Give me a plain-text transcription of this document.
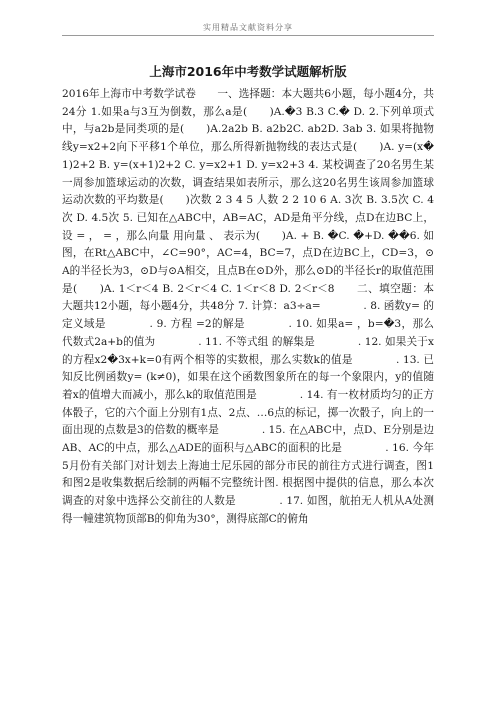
实用精品文献资料分享
上海市2016年中考数学试题解析版
2016年上海市中考数学试卷　　一、选择题：本大题共6小题，每小题4分，共24分 1.如果a与3互为倒数，那么a是(　　)A.�3 B.3 C.� D. 2.下列单项式中，与a2b是同类项的是(　　)A.2a2b B. a2b2C. ab2D. 3ab 3. 如果将抛物线y=x2+2向下平移1个单位，那么所得新抛物线的表达式是(　　)A. y=(x�1)2+2 B. y=(x+1)2+2 C. y=x2+1 D. y=x2+3 4. 某校调查了20名男生某一周参加篮球运动的次数，调查结果如表所示，那么这20名男生该周参加篮球运动次数的平均数是(　　)次数 2 3 4 5 人数 2 2 10 6 A. 3次 B. 3.5次 C. 4次 D. 4.5次 5. 已知在△ABC中，AB=AC，AD是角平分线，点D在边BC上，设 = ， = ，那么向量 用向量 、 表示为(　　)A. + B. �C. �+D. ��6. 如图，在Rt△ABC中，∠C=90°，AC=4，BC=7，点D在边BC上，CD=3，⊙A的半径长为3，⊙D与⊙A相交，且点B在⊙D外，那么⊙D的半径长r的取值范围是(　　)A. 1＜r＜4 B. 2＜r＜4 C. 1＜r＜8 D. 2＜r＜8　　二、填空题：本大题共12小题，每小题4分，共48分 7. 计算：a3÷a=　　　　. 8. 函数y= 的定义域是　　　　. 9. 方程 =2的解是　　　　. 10. 如果a= ，b=�3，那么代数式2a+b的值为　　　　. 11. 不等式组 的解集是　　　　. 12. 如果关于x的方程x2�3x+k=0有两个相等的实数根，那么实数k的值是　　　　. 13. 已知反比例函数y= (k≠0)，如果在这个函数图象所在的每一个象限内，y的值随着x的值增大而减小，那么k的取值范围是　　　　. 14. 有一枚材质均匀的正方体骰子，它的六个面上分别有1点、2点、…6点的标记，掷一次骰子，向上的一面出现的点数是3的倍数的概率是　　　　. 15. 在△ABC中，点D、E分别是边AB、AC的中点，那么△ADE的面积与△ABC的面积的比是　　　　. 16. 今年5月份有关部门对计划去上海迪士尼乐园的部分市民的前往方式进行调查，图1和图2是收集数据后绘制的两幅不完整统计图. 根据图中提供的信息，那么本次调查的对象中选择公交前往的人数是　　　　. 17. 如图，航拍无人机从A处测得一幢建筑物顶部B的仰角为30°，测得底部C的俯角
